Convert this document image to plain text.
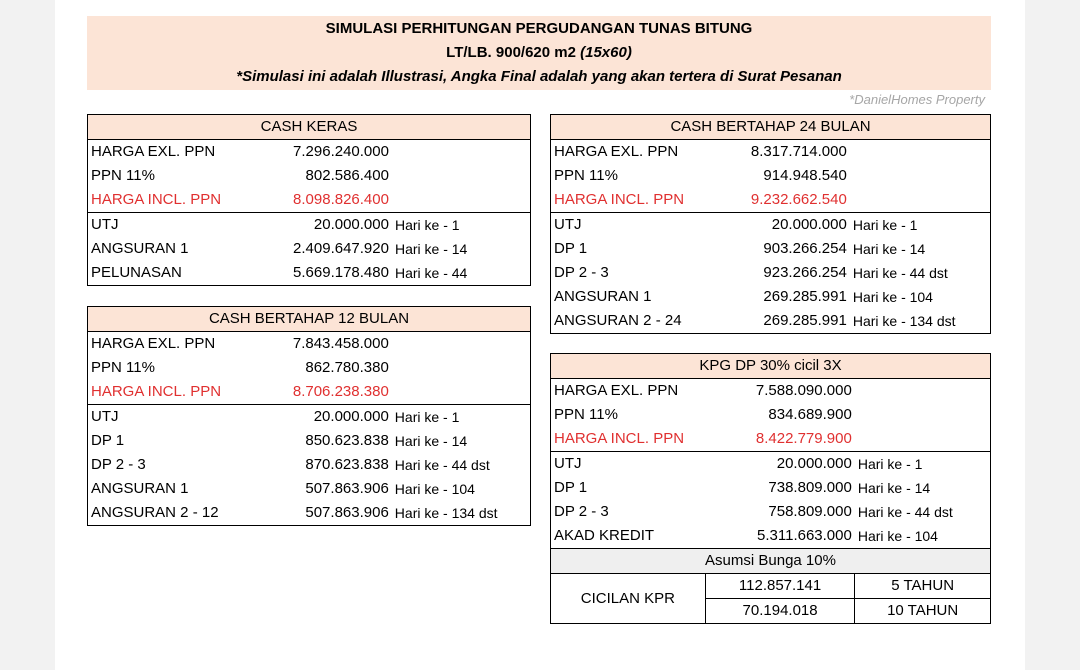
SIMULASI PERHITUNGAN PERGUDANGAN TUNAS BITUNG
LT/LB. 900/620 m2 (15x60)
*Simulasi ini adalah Illustrasi, Angka Final adalah yang akan tertera di Surat Pesanan
*DanielHomes Property
CASH KERAS		
HARGA EXL. PPN	7.296.240.000	
PPN 11%	802.586.400	
HARGA INCL. PPN	8.098.826.400	
UTJ	20.000.000	Hari ke - 1
ANGSURAN 1	2.409.647.920	Hari ke - 14
PELUNASAN	5.669.178.480	Hari ke - 44
CASH BERTAHAP 12 BULAN		
HARGA EXL. PPN	7.843.458.000	
PPN 11%	862.780.380	
HARGA INCL. PPN	8.706.238.380	
UTJ	20.000.000	Hari ke - 1
DP 1	850.623.838	Hari ke - 14
DP 2 - 3	870.623.838	Hari ke - 44 dst
ANGSURAN 1	507.863.906	Hari ke - 104
ANGSURAN 2 - 12	507.863.906	Hari ke - 134 dst
CASH BERTAHAP 24 BULAN		
HARGA EXL. PPN	8.317.714.000	
PPN 11%	914.948.540	
HARGA INCL. PPN	9.232.662.540	
UTJ	20.000.000	Hari ke - 1
DP 1	903.266.254	Hari ke - 14
DP 2 - 3	923.266.254	Hari ke - 44 dst
ANGSURAN 1	269.285.991	Hari ke - 104
ANGSURAN 2 - 24	269.285.991	Hari ke - 134 dst
KPG DP 30% cicil 3X		
HARGA EXL. PPN	7.588.090.000	
PPN 11%	834.689.900	
HARGA INCL. PPN	8.422.779.900	
UTJ	20.000.000	Hari ke - 1
DP 1	738.809.000	Hari ke - 14
DP 2 - 3	758.809.000	Hari ke - 44 dst
AKAD KREDIT	5.311.663.000	Hari ke - 104
Asumsi Bunga 10%		
CICILAN KPR	112.857.141	5 TAHUN
	70.194.018	10 TAHUN
